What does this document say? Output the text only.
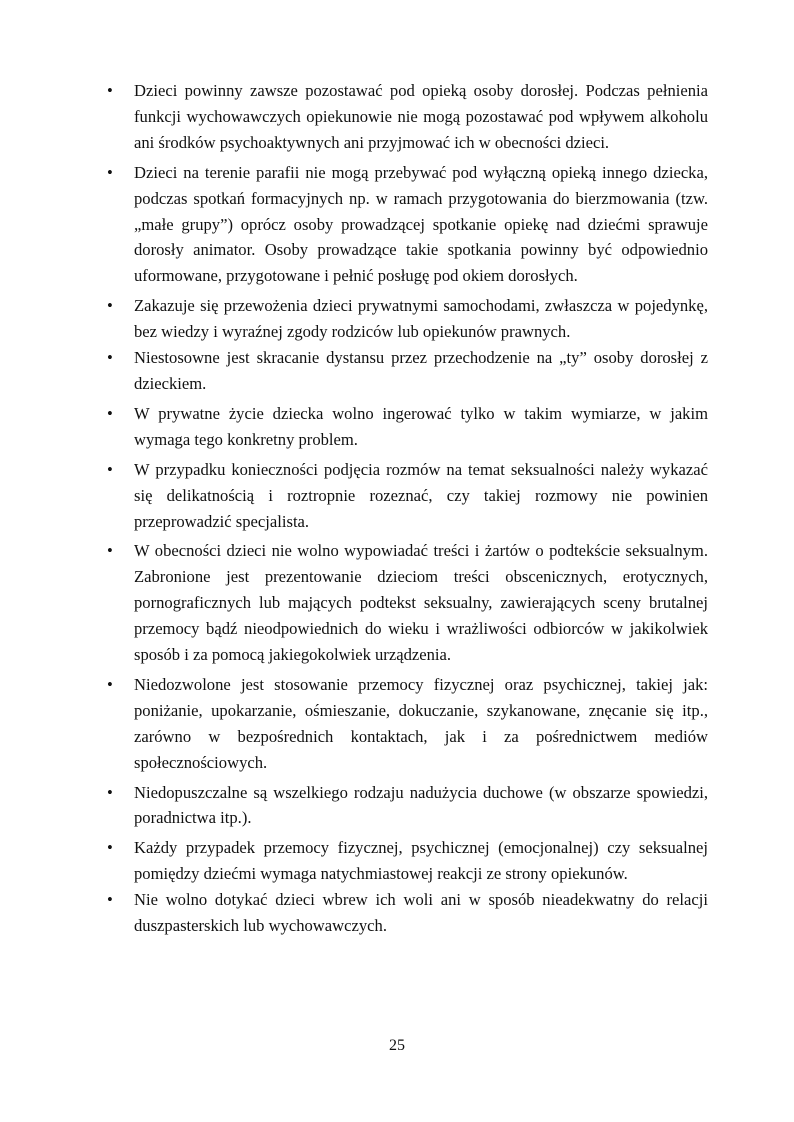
•	Dzieci powinny zawsze pozostawać pod opieką osoby dorosłej. Podczas pełnienia funkcji wychowawczych opiekunowie nie mogą pozostawać pod wpływem alkoholu ani środków psychoaktywnych ani przyjmować ich w obecności dzieci.
•	Dzieci na terenie parafii nie mogą przebywać pod wyłączną opieką innego dziecka, podczas spotkań formacyjnych np. w ramach przygotowania do bierzmowania (tzw. „małe grupy”) oprócz osoby prowadzącej spotkanie opiekę nad dziećmi sprawuje dorosły animator. Osoby prowadzące takie spotkania powinny być odpowiednio uformowane, przygotowane i pełnić posługę pod okiem dorosłych.
•	Zakazuje się przewożenia dzieci prywatnymi samochodami, zwłaszcza w pojedynkę, bez wiedzy i wyraźnej zgody rodziców lub opiekunów prawnych.
•	Niestosowne jest skracanie dystansu przez przechodzenie na „ty” osoby dorosłej z dzieckiem.
•	W prywatne życie dziecka wolno ingerować tylko w takim wymiarze, w jakim wymaga tego konkretny problem.
•	W przypadku konieczności podjęcia rozmów na temat seksualności należy wykazać się delikatnością i roztropnie rozeznać, czy takiej rozmowy nie powinien przeprowadzić specjalista.
•	W obecności dzieci nie wolno wypowiadać treści i żartów o podtekście seksualnym. Zabronione jest prezentowanie dzieciom treści obscenicznych, erotycznych, pornograficznych lub mających podtekst seksualny, zawierających sceny brutalnej przemocy bądź nieodpowiednich do wieku i wrażliwości odbiorców w jakikolwiek sposób i za pomocą jakiegokolwiek urządzenia.
•	Niedozwolone jest stosowanie przemocy fizycznej oraz psychicznej, takiej jak: poniżanie, upokarzanie, ośmieszanie, dokuczanie, szykanowane, znęcanie się itp., zarówno w bezpośrednich kontaktach, jak i za pośrednictwem mediów społecznościowych.
•	Niedopuszczalne są wszelkiego rodzaju nadużycia duchowe (w obszarze spowiedzi, poradnictwa itp.).
•	Każdy przypadek przemocy fizycznej, psychicznej (emocjonalnej) czy seksualnej pomiędzy dziećmi wymaga natychmiastowej reakcji ze strony opiekunów.
•	Nie wolno dotykać dzieci wbrew ich woli ani w sposób nieadekwatny do relacji duszpasterskich lub wychowawczych.
25
